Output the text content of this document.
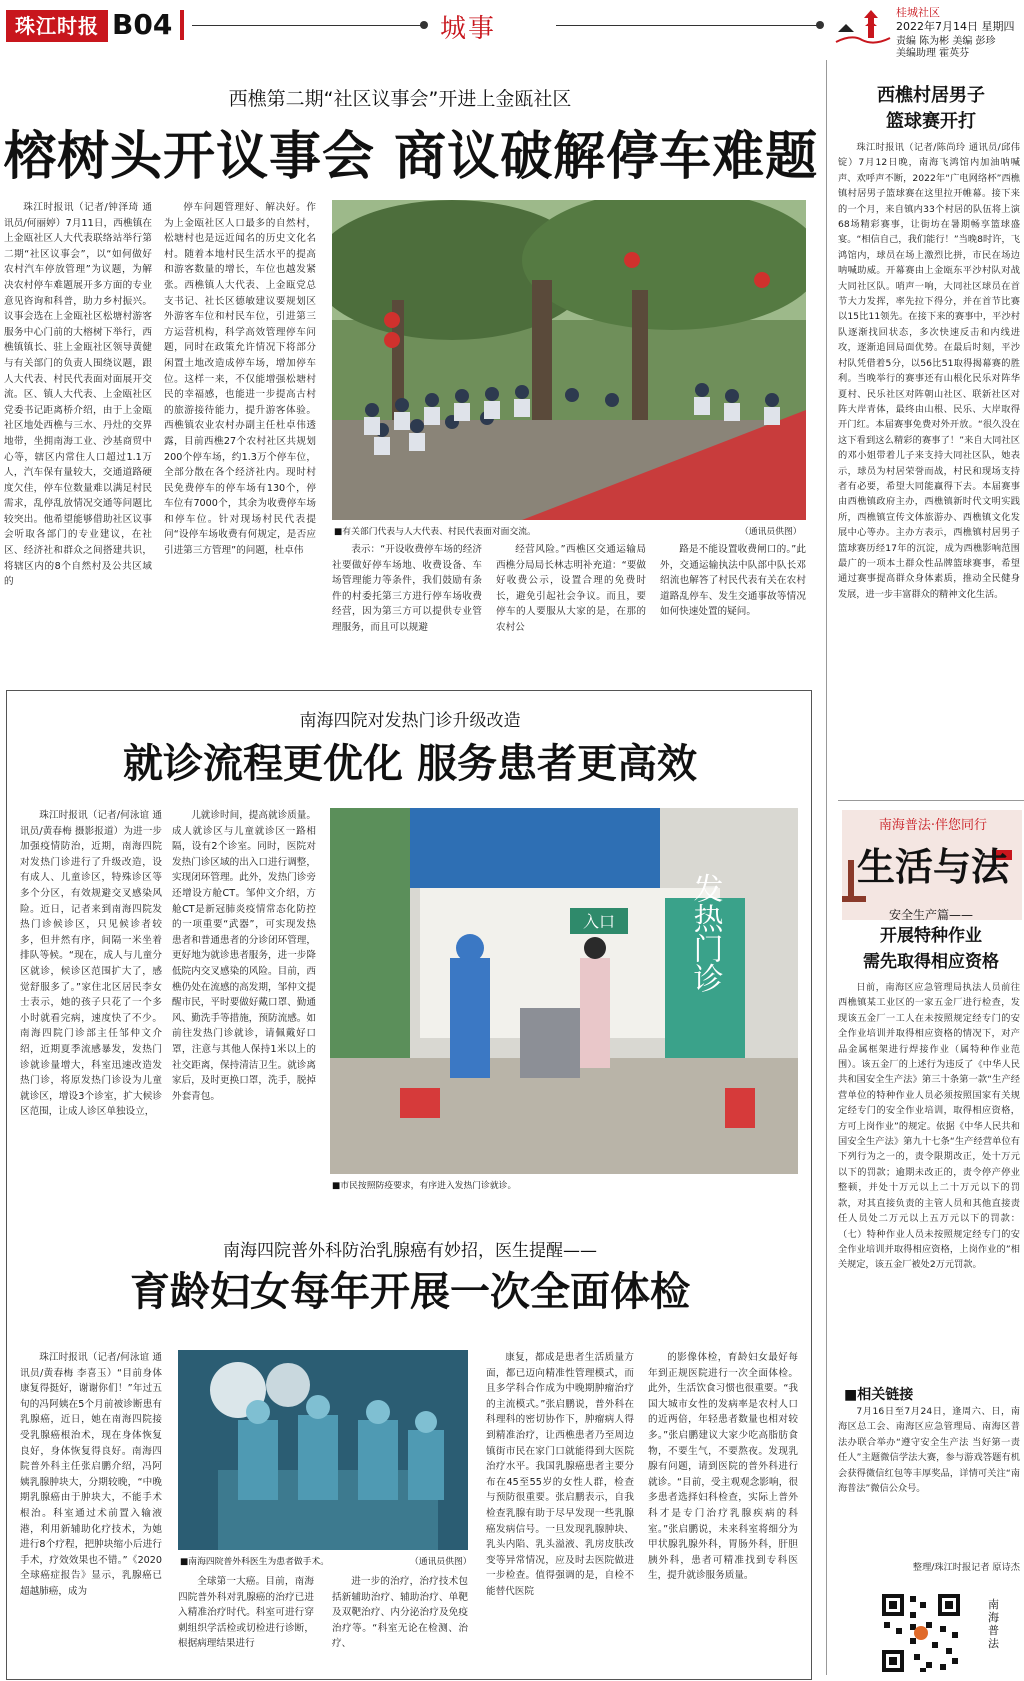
珠江时报 B04	城事
桂城社区
2022年7月14日 星期四
责编 陈为彬 美编 彭珍
美编助理 霍英芬
西樵第二期“社区议事会”开进上金瓯社区
榕树头开议事会 商议破解停车难题

珠江时报讯（记者/钟泽琦 通讯员/何丽婷）7月11日，西樵镇在上金瓯社区人大代表联络站举行第二期“社区议事会”，以“如何做好农村汽车停放管理”为议题，为解决农村停车难题展开多方面的专业意见咨询和科普，助力乡村振兴。议事会选在上金瓯社区松塘村游客服务中心门前的大榕树下举行，西樵镇镇长、驻上金瓯社区领导黄健与有关部门的负责人围绕议题，跟人大代表、村民代表面对面展开交流。区、镇人大代表、上金瓯社区党委书记距离桥介绍，由于上金瓯社区地处西樵与三水、丹灶的交界地带，坐拥南海工业、沙基商贸中心等，辖区内常住人口超过1.1万人，汽车保有量较大，交通道路硬度欠佳，停车位数量难以满足村民需求，乱停乱放情况交通等问题比较突出。他希望能够借助社区议事会听取各部门的专业建议，在社区、经济社和群众之间搭建共识，将辖区内的8个自然村及公共区域的

停车问题管理好、解决好。作为上金瓯社区人口最多的自然村，松塘村也是远近闻名的历史文化名村。随着本地村民生活水平的提高和游客数量的增长，车位也越发紧张。西樵镇人大代表、上金瓯党总支书记、社长区德敏建议要规划区外游客车位和村民车位，引进第三方运营机构，科学高效管理停车问题，同时在政策允许情况下将部分闲置土地改造成停车场，增加停车位。这样一来，不仅能增强松塘村民的幸福感，也能进一步提高古村的旅游接待能力，提升游客体验。西樵镇农业农村办副主任杜卓伟透露，目前西樵27个农村社区共规划200个停车场，约1.3万个停车位，全部分散在各个经济社内。现时村民免费停车的停车场有130个，停车位有7000个，其余为收费停车场和停车位。针对现场村民代表提问“设停车场收费有何规定，是否应引进第三方管理”的问题，杜卓伟

■有关部门代表与人大代表、村民代表面对面交流。	（通讯员供图）

表示：“开设收费停车场的经济社要做好停车场地、收费设备、车场管理能力等条件，我们鼓励有条件的村委托第三方进行停车场收费经营，因为第三方可以提供专业管理服务，而且可以规避

经营风险。”西樵区交通运输局西樵分局局长林志明补充道：“要做好收费公示，设置合理的免费时长，避免引起社会争议。而且，要停车的人要服从大家的是，在那的农村公

路是不能设置收费闸口的。”此外，交通运输执法中队部中队长邓绍流也解答了村民代表有关在农村道路乱停车、发生交通事故等情况如何快速处置的疑问。

南海四院对发热门诊升级改造
就诊流程更优化 服务患者更高效

珠江时报讯（记者/何泳谊 通讯员/黄春梅 摄影报道）为进一步加强疫情防治，近期，南海四院对发热门诊进行了升级改造，设有成人、儿童诊区，特殊诊区等多个分区，有效规避交叉感染风险。近日，记者来到南海四院发热门诊候诊区，只见候诊者较多，但井然有序，间隔一米坐着排队等候。“现在，成人与儿童分区就诊，候诊区范围扩大了，感觉舒服多了。”家住北区居民李女士表示，她的孩子只花了一个多小时就看完病，速度快了不少。南海四院门诊部主任邹仲文介绍，近期夏季流感暴发，发热门诊就诊量增大，科室迅速改造发热门诊，将原发热门诊设为儿童就诊区，增设3个诊室，扩大候诊区范围，让成人诊区单独设立，

儿就诊时间，提高就诊质量。成人就诊区与儿童就诊区一路相隔，设有2个诊室。同时，医院对发热门诊区域的出入口进行调整，实现闭环管理。此外，发热门诊旁还增设方舱CT。邹仲文介绍，方舱CT是新冠肺炎疫情常态化防控的一项重要“武器”，可实现发热患者和普通患者的分诊闭环管理，更好地为就诊患者服务，进一步降低院内交叉感染的风险。目前，西樵仍处在流感的高发期，邹仲文提醒市民，平时要做好戴口罩、勤通风、勤洗手等措施，预防流感。如前往发热门诊就诊，请佩戴好口罩，注意与其他人保持1米以上的社交距离，保持清洁卫生。就诊离家后，及时更换口罩，洗手，脱掉外套青包。

入口 发热门诊
■市民按照防疫要求，有序进入发热门诊就诊。
南海四院普外科防治乳腺癌有妙招，医生提醒——
育龄妇女每年开展一次全面体检

珠江时报讯（记者/何泳谊 通讯员/黄春梅 李喜玉）“目前身体康复得挺好，谢谢你们！”年过五旬的冯阿姨在5个月前被诊断患有乳腺癌，近日，她在南海四院接受乳腺癌根治术，现在身体恢复良好，身体恢复得良好。南海四院普外科主任张启鹏介绍，冯阿姨乳腺肿块大，分期较晚，“中晚期乳腺癌由于肿块大，不能手术根治。科室通过术前置入输液港，利用新辅助化疗技术，为她进行8个疗程，把肿块缩小后进行手术，疗效效果也不错。”《2020全球癌症报告》显示，乳腺癌已超越肺癌，成为

■南海四院普外科医生为患者做手术。	（通讯员供图）

全球第一大癌。目前，南海四院普外科对乳腺癌的治疗已进入精准治疗时代。科室可进行穿刺组织学活检或切检进行诊断，根据病理结果进行

进一步的治疗，治疗技术包括新辅助治疗、辅助治疗、单靶及双靶治疗、内分泌治疗及免疫治疗等。“科室无论在检测、治疗、

康复，都成是患者生活质量方面，都已迈向精准性管理模式，而且多学科合作成为中晚期肿瘤治疗的主流模式。”张启鹏说，普外科在科理科的密切协作下，肿瘤病人得到精准治疗，让西樵患者乃至周边镇街市民在家门口就能得到大医院治疗水平。我国乳腺癌患者主要分布在45至55岁的女性人群，检查与预防很重要。张启鹏表示，自我检查乳腺有助于尽早发现一些乳腺癌发病信号。一旦发现乳腺肿块、乳头内陷、乳头溢液、乳房皮肤改变等异常情况，应及时去医院做进一步检查。值得强调的是，自检不能替代医院

的影像体检，育龄妇女最好每年到正规医院进行一次全面体检。此外，生活饮食习惯也很重要。“我国大城市女性的发病率是农村人口的近两倍，年轻患者数量也相对较多。”张启鹏建议大家少吃高脂肪食物，不要生气，不要熬夜。发现乳腺有问题，请到医院的普外科进行就诊。“目前，受主观观念影响，很多患者选择妇科检查，实际上普外科才是专门治疗乳腺疾病的科室。”张启鹏说，未来科室将细分为甲状腺乳腺外科，胃肠外科，肝胆胰外科，患者可精准找到专科医生，提升就诊服务质量。

西樵村居男子
篮球赛开打

珠江时报讯（记者/陈尚玲 通讯员/邱伟锭）7月12日晚，南海飞鸿馆内加油呐喊声、欢呼声不断，2022年“广电网络杯”西樵镇村居男子篮球赛在这里拉开帷幕。接下来的一个月，来自镇内33个村居的队伍将上演68场精彩赛事，让街坊在暑期畅享篮球盛宴。“相信自己，我们能行！”当晚8时许，飞鸿馆内，球员在场上激烈比拼，市民在场边呐喊助威。开幕赛由上金瓯东平沙村队对战大同社区队。哨声一响，大同社区球员在首节大力发挥，率先拉下得分，并在首节比赛以15比11领先。在接下来的赛事中，平沙村队逐渐找回状态，多次快速反击和内线进攻，逐渐追回局面优势。在最后时刻，平沙村队凭借着5分，以56比51取得揭幕赛的胜利。当晚举行的赛事还有山根化民乐对阵华夏村、民乐社区对阵朝山社区、联新社区对阵大岸青体，最终由山根、民乐、大岸取得开门红。本届赛事免费对外开放。“很久没在这下看到这么精彩的赛事了！”来自大同社区的邓小姐带着儿子来支持大同社区队，她表示，球员为村居荣誉而战，村民和现场支持者有必要，希望大同能赢得下去。本届赛事由西樵镇政府主办，西樵镇新时代文明实践所，西樵镇宣传文体旅游办、西樵镇文化发展中心等办。主办方表示，西樵镇村居男子篮球赛历经17年的沉淀，成为西樵影响范围最广的一项本土群众性品牌篮球赛事，希望通过赛事提高群众身体素质，推动全民健身发展，进一步丰富群众的精神文化生活。

南海普法·伴您同行
生活与法
安全生产篇——
开展特种作业
需先取得相应资格

日前，南海区应急管理局执法人员前往西樵镇某工业区的一家五金厂进行检查，发现该五金厂一工人在未按照规定经专门的安全作业培训并取得相应资格的情况下，对产品金属框架进行焊接作业（属特种作业范围）。该五金厂的上述行为违反了《中华人民共和国安全生产法》第三十条第一款“生产经营单位的特种作业人员必须按照国家有关规定经专门的安全作业培训，取得相应资格，方可上岗作业”的规定。依据《中华人民共和国安全生产法》第九十七条“生产经营单位有下列行为之一的，责令限期改正，处十万元以下的罚款；逾期未改正的，责令停产停业整顿，并处十万元以上二十万元以下的罚款，对其直接负责的主管人员和其他直接责任人员处二万元以上五万元以下的罚款：（七）特种作业人员未按照规定经专门的安全作业培训并取得相应资格，上岗作业的”相关规定，该五金厂被处2万元罚款。

■相关链接

7月16日至7月24日，逢周六、日，南海区总工会、南海区应急管理局、南海区普法办联合举办“遵守安全生产法 当好第一责任人”主题微信学法大赛，参与游戏答题有机会获得微信红包等丰厚奖品，详情可关注“南海普法”微信公众号。

整理/珠江时报记者 原诗杰
南海普法
